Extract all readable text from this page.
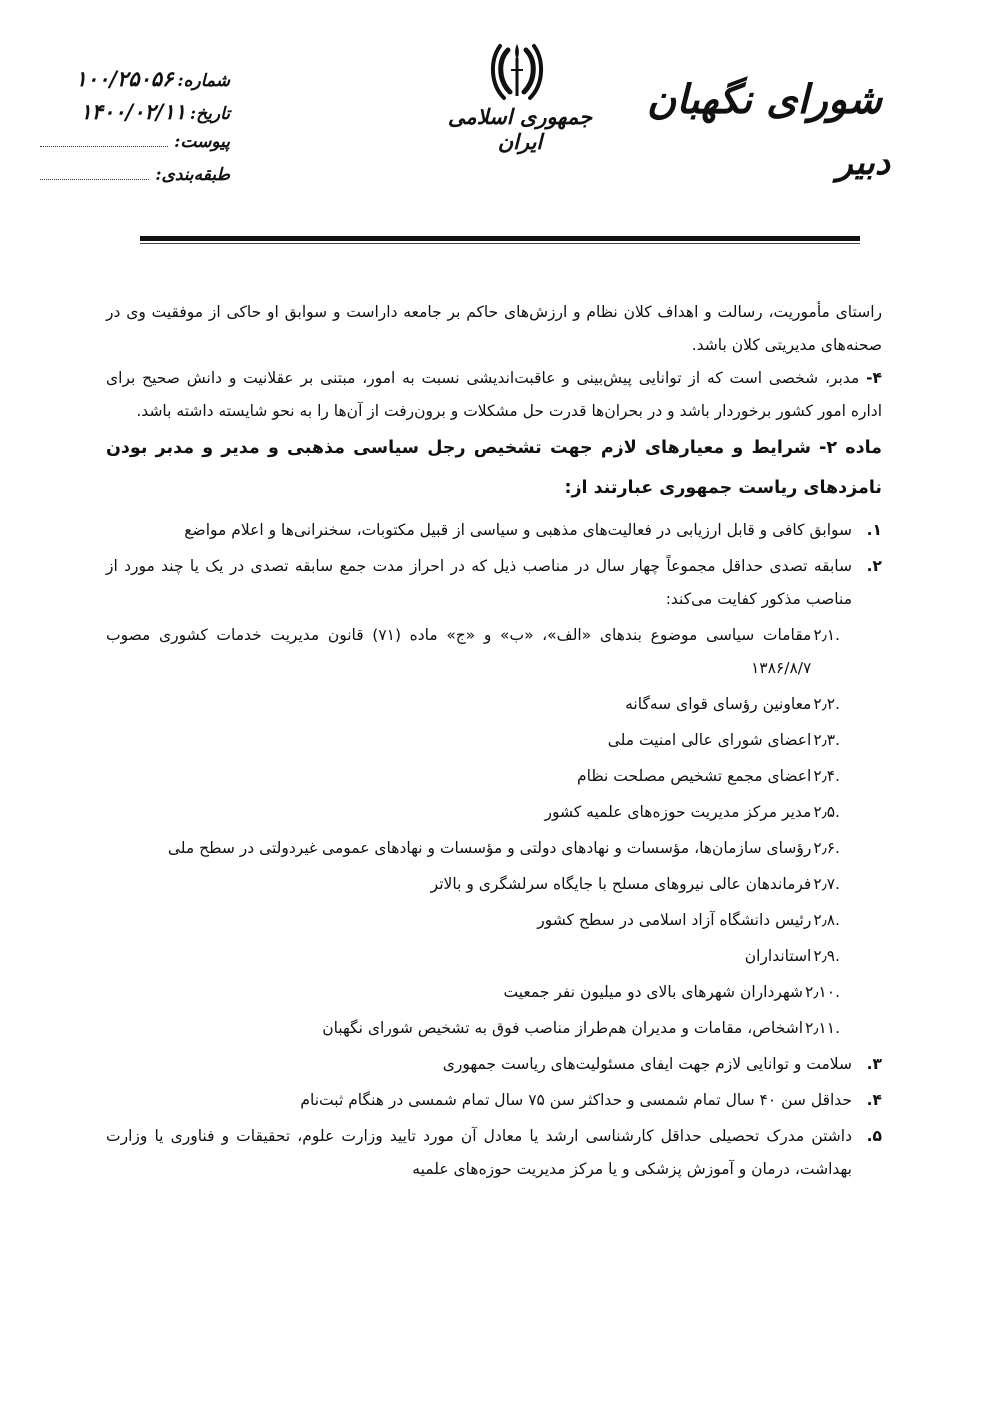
شورای نگهبان
دبیر
جمهوری اسلامی ایران
شماره:
۱۰۰/۲۵۰۵۶
تاریخ:
۱۴۰۰/۰۲/۱۱
پیوست:
طبقه‌بندی:

راستای مأموریت، رسالت و اهداف کلان نظام و ارزش‌های حاکم بر جامعه داراست و سوابق او حاکی از موفقیت وی در صحنه‌های مدیریتی کلان باشد.

۴- مدبر، شخصی است که از توانایی پیش‌بینی و عاقبت‌اندیشی نسبت به امور، مبتنی بر عقلانیت و دانش صحیح برای اداره امور کشور برخوردار باشد و در بحران‌ها قدرت حل مشکلات و برون‌رفت از آن‌ها را به نحو شایسته داشته باشد.

ماده ۲- شرایط و معیارهای لازم جهت تشخیص رجل سیاسی مذهبی و مدیر و مدبر بودن نامزدهای ریاست جمهوری عبارتند از:

۱.
سوابق کافی و قابل ارزیابی در فعالیت‌های مذهبی و سیاسی از قبیل مکتوبات، سخنرانی‌ها و اعلام مواضع
۲.
سابقه تصدی حداقل مجموعاً چهار سال در مناصب ذیل که در احراز مدت جمع سابقه تصدی در یک یا چند مورد از مناصب مذکور کفایت می‌کند:
۲٫۱.
مقامات سیاسی موضوع بندهای «الف»، «ب» و «ج» ماده (۷۱) قانون مدیریت خدمات کشوری مصوب ۱۳۸۶/۸/۷
۲٫۲.
معاونین رؤسای قوای سه‌گانه
۲٫۳.
اعضای شورای عالی امنیت ملی
۲٫۴.
اعضای مجمع تشخیص مصلحت نظام
۲٫۵.
مدیر مرکز مدیریت حوزه‌های علمیه کشور
۲٫۶.
رؤسای سازمان‌ها، مؤسسات و نهادهای دولتی و مؤسسات و نهادهای عمومی غیردولتی در سطح ملی
۲٫۷.
فرماندهان عالی نیروهای مسلح با جایگاه سرلشگری و بالاتر
۲٫۸.
رئیس دانشگاه آزاد اسلامی در سطح کشور
۲٫۹.
استانداران
۲٫۱۰.
شهرداران شهرهای بالای دو میلیون نفر جمعیت
۲٫۱۱.
اشخاص، مقامات و مدیران هم‌طراز مناصب فوق به تشخیص شورای نگهبان
۳.
سلامت و توانایی لازم جهت ایفای مسئولیت‌های ریاست جمهوری
۴.
حداقل سن ۴۰ سال تمام شمسی و حداکثر سن ۷۵ سال تمام شمسی در هنگام ثبت‌نام
۵.
داشتن مدرک تحصیلی حداقل کارشناسی ارشد یا معادل آن مورد تایید وزارت علوم، تحقیقات و فناوری یا وزارت بهداشت، درمان و آموزش پزشکی و یا مرکز مدیریت حوزه‌های علمیه
